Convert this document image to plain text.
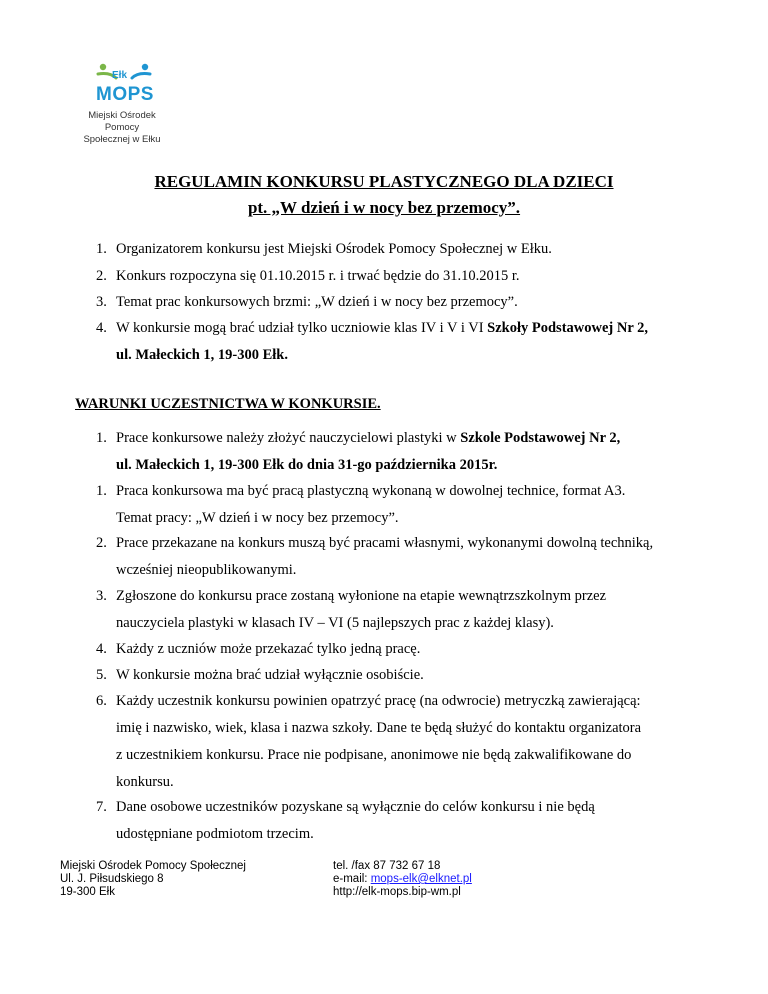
Ełk
MOPS
Miejski Ośrodek Pomocy
Społecznej w Ełku
REGULAMIN KONKURSU PLASTYCZNEGO DLA DZIECI
pt. „W dzień i w nocy bez przemocy”.
1. Organizatorem konkursu jest Miejski Ośrodek Pomocy Społecznej w Ełku.
2. Konkurs rozpoczyna się 01.10.2015 r. i trwać będzie do 31.10.2015 r.
3. Temat prac konkursowych brzmi: „W dzień i w nocy bez przemocy”.
4. W konkursie mogą brać udział tylko uczniowie klas IV i V i VI Szkoły Podstawowej Nr 2,
ul. Małeckich 1, 19-300 Ełk.
WARUNKI UCZESTNICTWA W KONKURSIE.
1. Prace konkursowe należy złożyć nauczycielowi plastyki w Szkole Podstawowej Nr 2,
ul. Małeckich 1, 19-300 Ełk do dnia 31-go października 2015r.
1. Praca konkursowa ma być pracą plastyczną wykonaną w dowolnej technice, format A3.
Temat pracy: „W dzień i w nocy bez przemocy”.
2. Prace przekazane na konkurs muszą być pracami własnymi, wykonanymi dowolną techniką,
wcześniej nieopublikowanymi.
3. Zgłoszone do konkursu prace zostaną wyłonione na etapie wewnątrzszkolnym przez
nauczyciela plastyki w klasach IV – VI (5 najlepszych prac z każdej klasy).
4. Każdy z uczniów może przekazać tylko jedną pracę.
5. W konkursie można brać udział wyłącznie osobiście.
6. Każdy uczestnik konkursu powinien opatrzyć pracę (na odwrocie) metryczką zawierającą:
imię i nazwisko, wiek, klasa i nazwa szkoły. Dane te będą służyć do kontaktu organizatora
z uczestnikiem konkursu. Prace nie podpisane, anonimowe nie będą zakwalifikowane do
konkursu.
7. Dane osobowe uczestników pozyskane są wyłącznie do celów konkursu i nie będą
udostępniane podmiotom trzecim.
Miejski Ośrodek Pomocy Społecznej
Ul. J. Piłsudskiego 8
19-300 Ełk
tel. /fax 87 732 67 18
e-mail: mops-elk@elknet.pl
http://elk-mops.bip-wm.pl
